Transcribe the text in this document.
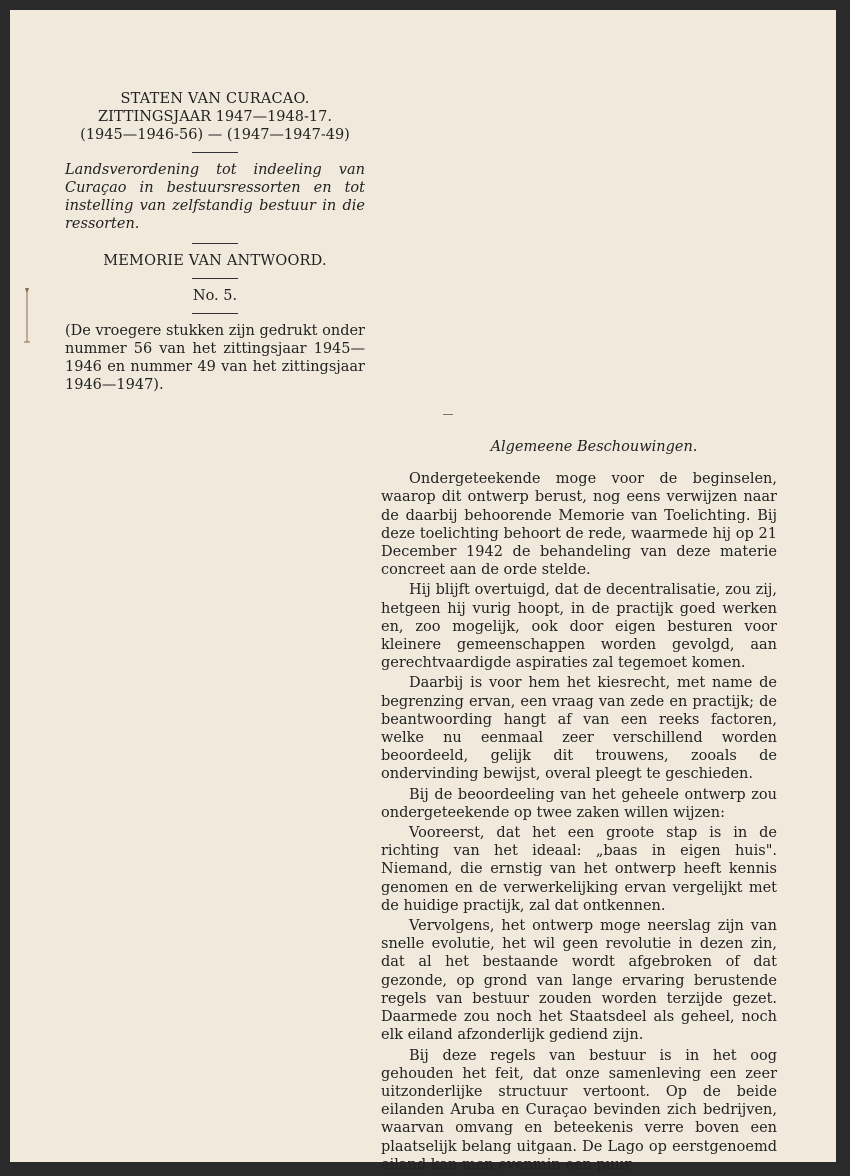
STATEN VAN CURACAO.
ZITTINGSJAAR 1947—1948-17.
(1945—1946-56) — (1947—1947-49)
Landsverordening tot indeeling van Curaçao in bestuursressorten en tot instelling van zelfstandig bestuur in die ressorten.
MEMORIE VAN ANTWOORD.
No. 5.
(De vroegere stukken zijn gedrukt onder nummer 56 van het zittingsjaar 1945—1946 en nummer 49 van het zittingsjaar 1946—1947).
Algemeene Beschouwingen.

Ondergeteekende moge voor de beginselen, waarop dit ontwerp berust, nog eens verwijzen naar de daarbij behoorende Memorie van Toelichting. Bij deze toelichting behoort de rede, waarmede hij op 21 December 1942 de behandeling van deze materie concreet aan de orde stelde.

Hij blijft overtuigd, dat de decentralisatie, zou zij, hetgeen hij vurig hoopt, in de practijk goed werken en, zoo mogelijk, ook door eigen besturen voor kleinere gemeenschappen worden gevolgd, aan gerechtvaardigde aspiraties zal tegemoet komen.

Daarbij is voor hem het kiesrecht, met name de begrenzing ervan, een vraag van zede en practijk; de beantwoording hangt af van een reeks factoren, welke nu eenmaal zeer verschillend worden beoordeeld, gelijk dit trouwens, zooals de ondervinding bewijst, overal pleegt te geschieden.

Bij de beoordeeling van het geheele ontwerp zou ondergeteekende op twee zaken willen wijzen:

Vooreerst, dat het een groote stap is in de richting van het ideaal: „baas in eigen huis". Niemand, die ernstig van het ontwerp heeft kennis genomen en de verwerkelijking ervan vergelijkt met de huidige practijk, zal dat ontkennen.

Vervolgens, het ontwerp moge neerslag zijn van snelle evolutie, het wil geen revolutie in dezen zin, dat al het bestaande wordt afgebroken of dat gezonde, op grond van lange ervaring berustende regels van bestuur zouden worden terzijde gezet. Daarmede zou noch het Staatsdeel als geheel, noch elk eiland afzonderlijk gediend zijn.

Bij deze regels van bestuur is in het oog gehouden het feit, dat onze samenleving een zeer uitzonderlijke structuur vertoont. Op de beide eilanden Aruba en Curaçao bevinden zich bedrijven, waarvan omvang en beteekenis verre boven een plaatselijk belang uitgaan. De Lago op eerstgenoemd eiland kan men evenmin een puur
